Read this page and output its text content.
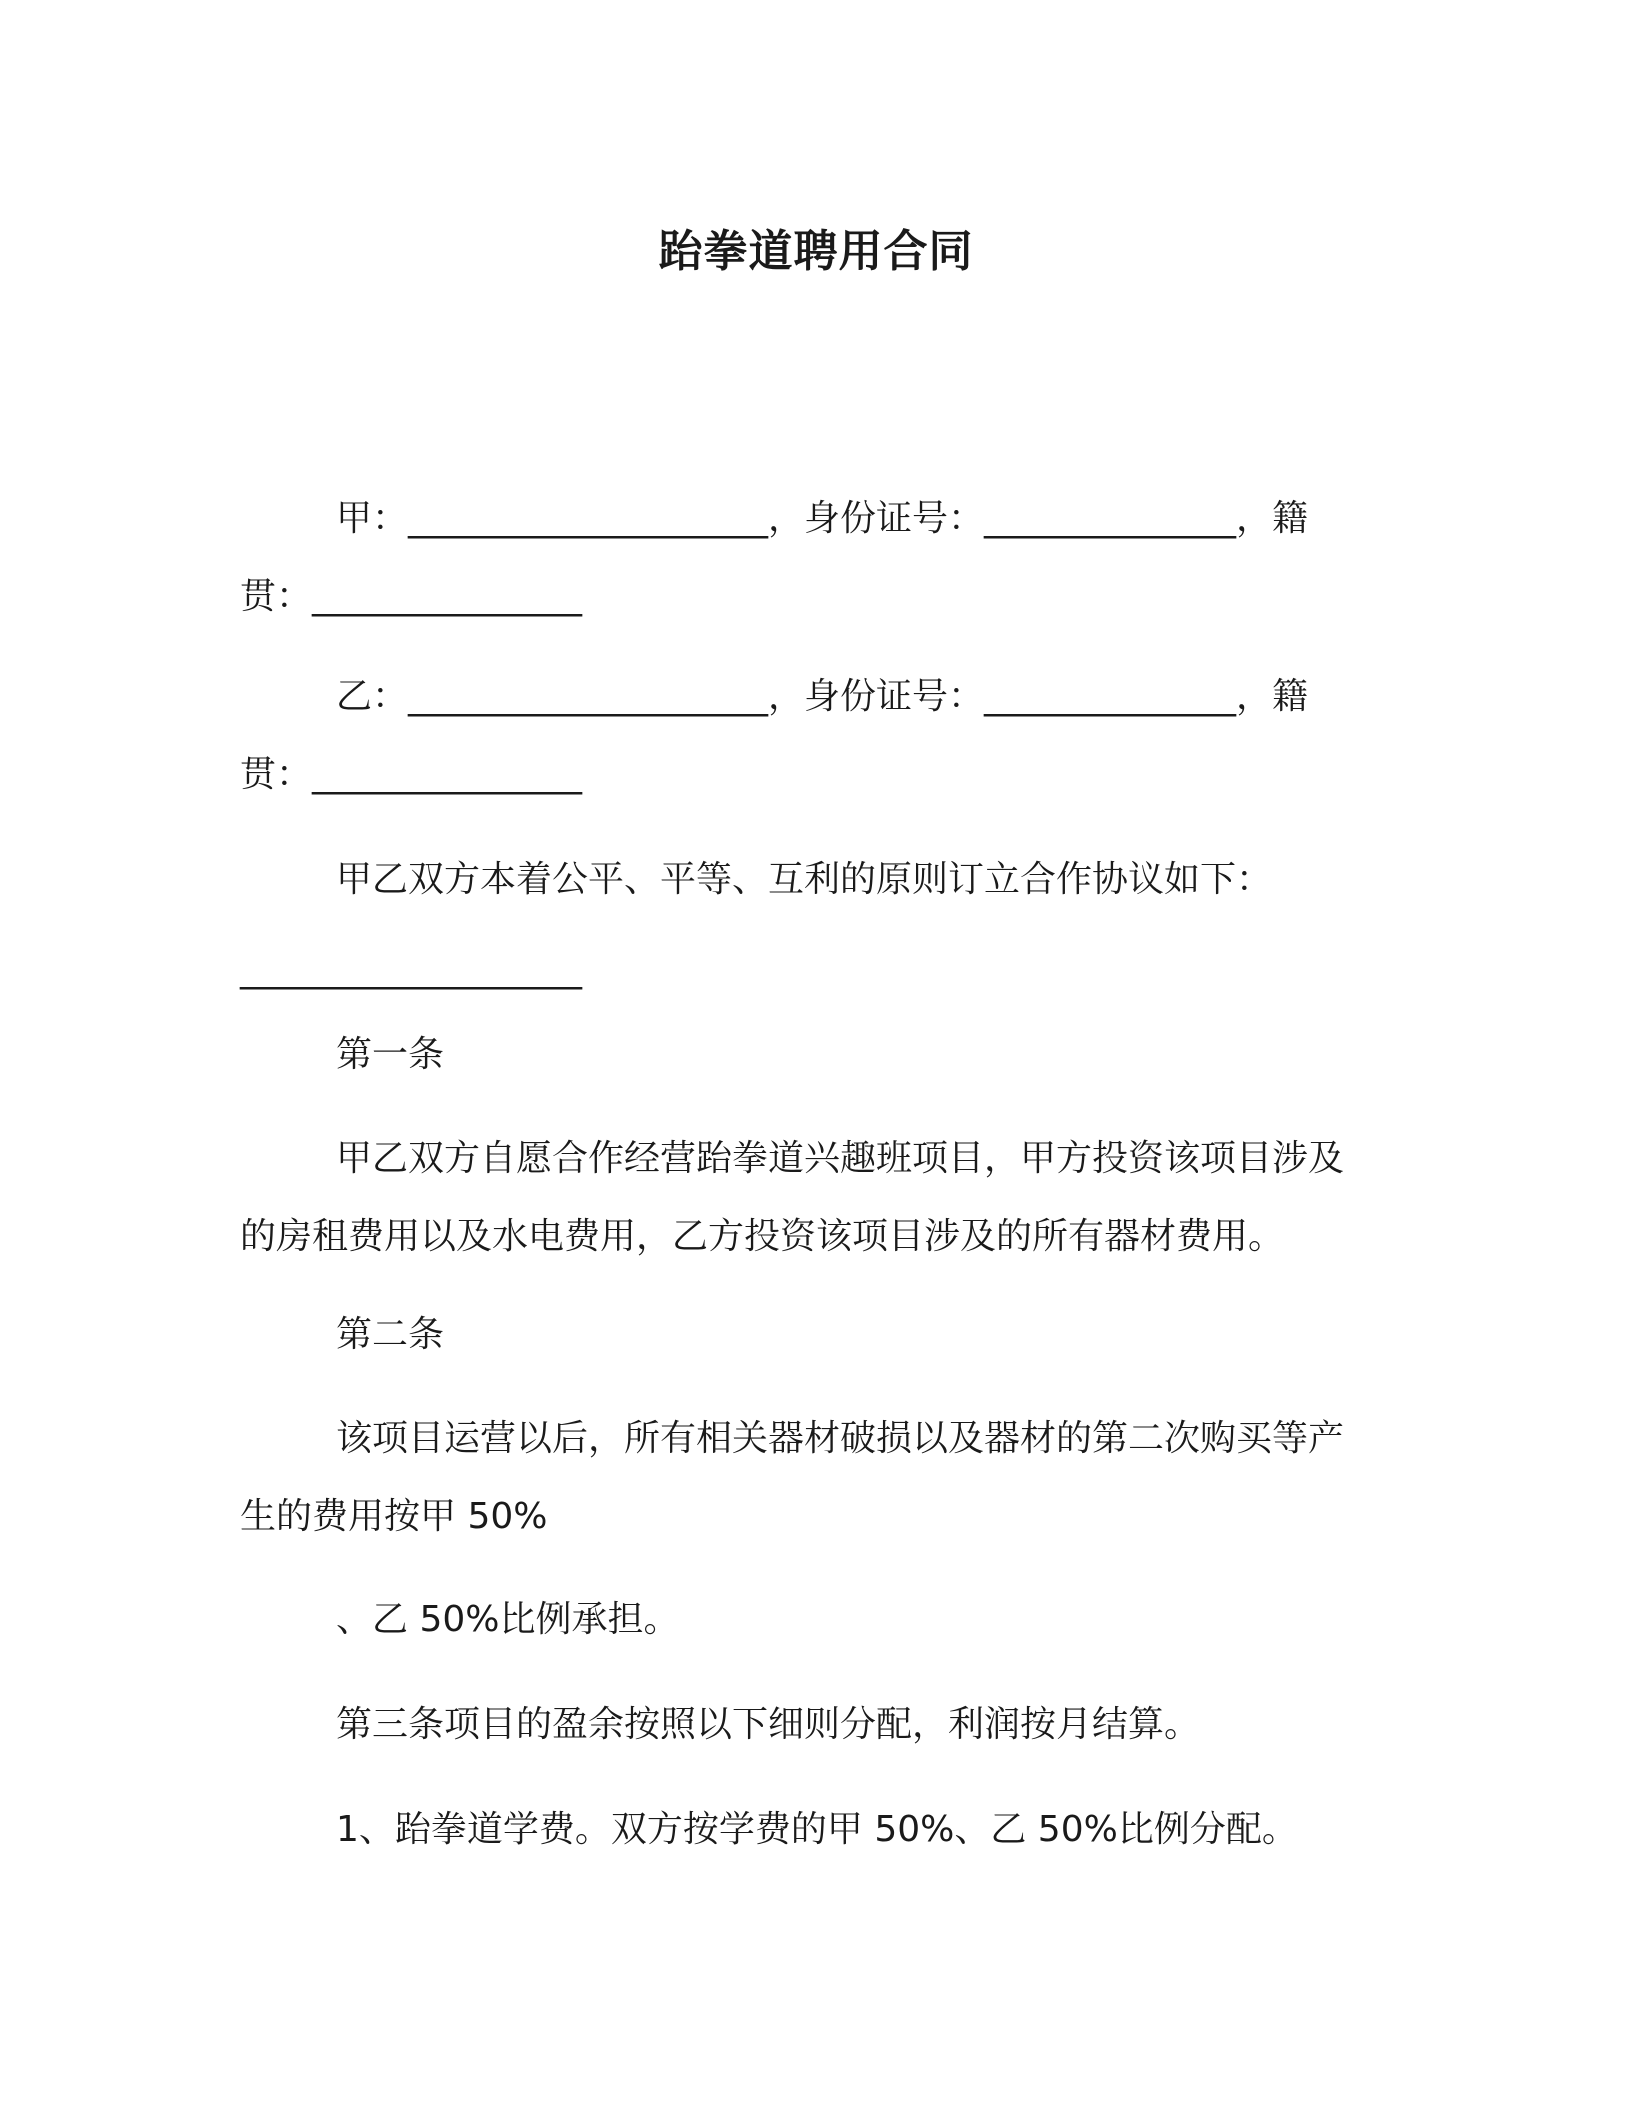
跆拳道聘用合同
甲：____________________，身份证号：______________，籍
贯：_______________
乙：____________________，身份证号：______________，籍
贯：_______________
甲乙双方本着公平、平等、互利的原则订立合作协议如下：
___________________
第一条
甲乙双方自愿合作经营跆拳道兴趣班项目，甲方投资该项目涉及
的房租费用以及水电费用，乙方投资该项目涉及的所有器材费用。
第二条
该项目运营以后，所有相关器材破损以及器材的第二次购买等产
生的费用按甲 50%
、乙 50%比例承担。
第三条项目的盈余按照以下细则分配，利润按月结算。
1、跆拳道学费。双方按学费的甲 50%、乙 50%比例分配。
